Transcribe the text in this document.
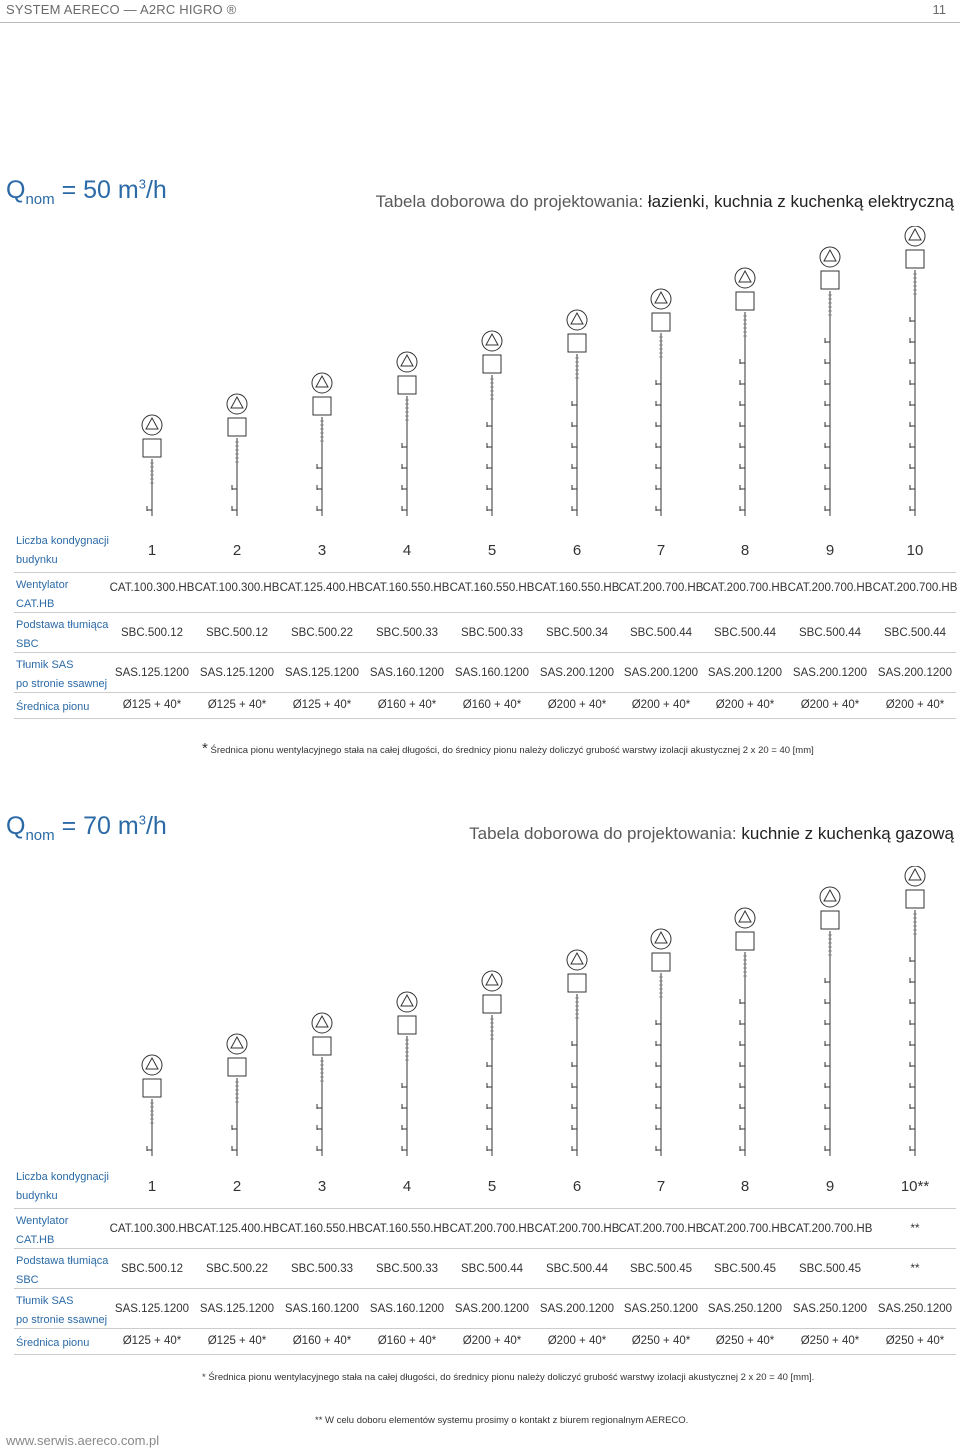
SYSTEM AERECO — A2RC HIGRO ®	11
$Q_{nom} = 50$ $m^3/h$	Tabela doborowa do projektowania: łazienki, kuchnia z kuchenką elektryczną
Liczba kondygnacji
budynku
1	2	3	4	5	6	7	8	9	10
Wentylator
CAT.HB
CAT.100.300.HB CAT.100.300.HB CAT.125.400.HB CAT.160.550.HB CAT.160.550.HB CAT.160.550.HB CAT.200.700.HB CAT.200.700.HB CAT.200.700.HB CAT.200.700.HB
Podstawa tłumiąca
SBC
SBC.500.12	SBC.500.12	SBC.500.22	SBC.500.33	SBC.500.33	SBC.500.34	SBC.500.44	SBC.500.44	SBC.500.44	SBC.500.44
Tłumik SAS
po stronie ssawnej
SAS.125.1200 SAS.125.1200 SAS.125.1200 SAS.160.1200 SAS.160.1200 SAS.200.1200 SAS.200.1200 SAS.200.1200 SAS.200.1200 SAS.200.1200
Średnica pionu	Ø125 + 40*	Ø125 + 40*	Ø125 + 40*	Ø160 + 40*	Ø160 + 40*	Ø200 + 40*	Ø200 + 40*	Ø200 + 40*	Ø200 + 40*	Ø200 + 40*
* Średnica pionu wentylacyjnego stała na całej długości, do średnicy pionu należy doliczyć grubość warstwy izolacji akustycznej 2 x 20 = 40 [mm]
$Q_{nom} = 70$ $m^3/h$	Tabela doborowa do projektowania: kuchnie z kuchenką gazową
Liczba kondygnacji
budynku
1	2	3	4	5	6	7	8	9	10**
Wentylator
CAT.HB
CAT.100.300.HB CAT.125.400.HB CAT.160.550.HB CAT.160.550.HB CAT.200.700.HB CAT.200.700.HB CAT.200.700.HB CAT.200.700.HB CAT.200.700.HB	**
Podstawa tłumiąca
SBC
SBC.500.12	SBC.500.22	SBC.500.33	SBC.500.33	SBC.500.44	SBC.500.44	SBC.500.45	SBC.500.45	SBC.500.45	**
Tłumik SAS
po stronie ssawnej
SAS.125.1200 SAS.125.1200 SAS.160.1200 SAS.160.1200 SAS.200.1200 SAS.200.1200 SAS.250.1200 SAS.250.1200 SAS.250.1200 SAS.250.1200
Średnica pionu	Ø125 + 40*	Ø125 + 40*	Ø160 + 40*	Ø160 + 40*	Ø200 + 40*	Ø200 + 40*	Ø250 + 40*	Ø250 + 40*	Ø250 + 40*	Ø250 + 40*
* Średnica pionu wentylacyjnego stała na całej długości, do średnicy pionu należy doliczyć grubość warstwy izolacji akustycznej 2 x 20 = 40 [mm].
** W celu doboru elementów systemu prosimy o kontakt z biurem regionalnym AERECO.
www.serwis.aereco.com.pl
